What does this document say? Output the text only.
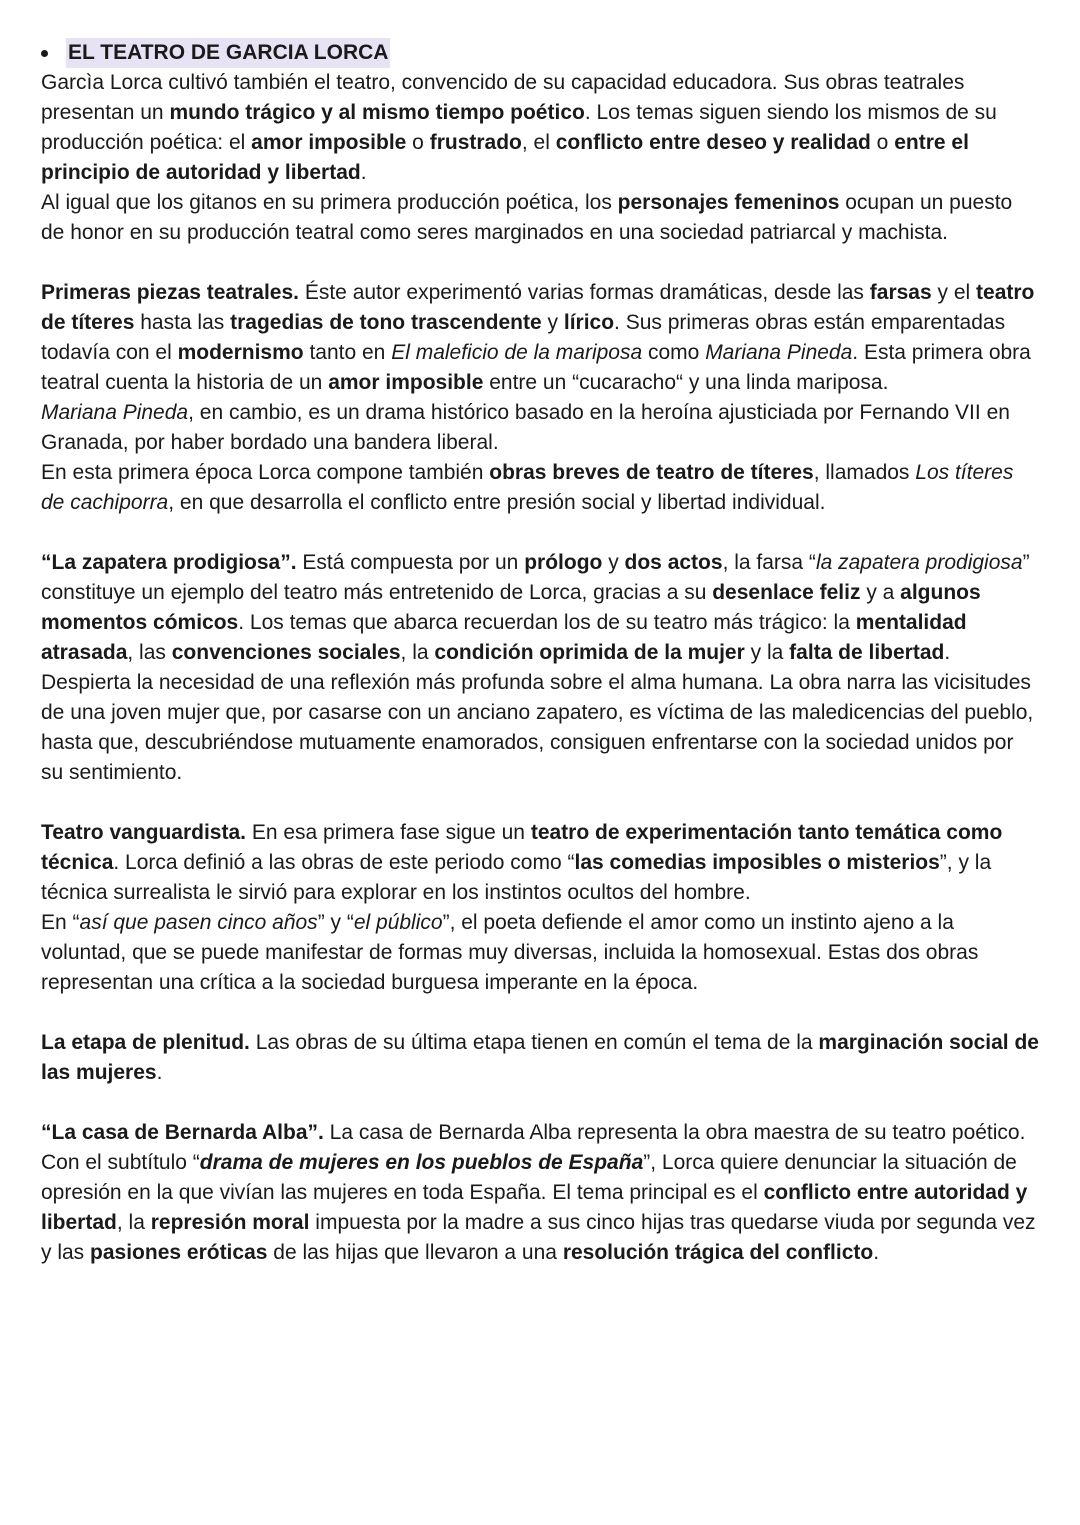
EL TEATRO DE GARCIA LORCA

Garcìa Lorca cultivó también el teatro, convencido de su capacidad educadora. Sus obras teatrales presentan un mundo trágico y al mismo tiempo poético. Los temas siguen siendo los mismos de su producción poética: el amor imposible o frustrado, el conflicto entre deseo y realidad o entre el principio de autoridad y libertad.

Al igual que los gitanos en su primera producción poética, los personajes femeninos ocupan un puesto de honor en su producción teatral como seres marginados en una sociedad patriarcal y machista.

Primeras piezas teatrales. Éste autor experimentó varias formas dramáticas, desde las farsas y el teatro de títeres hasta las tragedias de tono trascendente y lírico. Sus primeras obras están emparentadas todavía con el modernismo tanto en El maleficio de la mariposa como Mariana Pineda. Esta primera obra teatral cuenta la historia de un amor imposible entre un “cucaracho“ y una linda mariposa.

Mariana Pineda, en cambio, es un drama histórico basado en la heroína ajusticiada por Fernando VII en Granada, por haber bordado una bandera liberal.

En esta primera época Lorca compone también obras breves de teatro de títeres, llamados Los títeres de cachiporra, en que desarrolla el conflicto entre presión social y libertad individual.

“La zapatera prodigiosa”. Está compuesta por un prólogo y dos actos, la farsa “la zapatera prodigiosa” constituye un ejemplo del teatro más entretenido de Lorca, gracias a su desenlace feliz y a algunos momentos cómicos. Los temas que abarca recuerdan los de su teatro más trágico: la mentalidad atrasada, las convenciones sociales, la condición oprimida de la mujer y la falta de libertad. Despierta la necesidad de una reflexión más profunda sobre el alma humana. La obra narra las vicisitudes de una joven mujer que, por casarse con un anciano zapatero, es víctima de las maledicencias del pueblo, hasta que, descubriéndose mutuamente enamorados, consiguen enfrentarse con la sociedad unidos por su sentimiento.

Teatro vanguardista. En esa primera fase sigue un teatro de experimentación tanto temática como técnica. Lorca definió a las obras de este periodo como “las comedias imposibles o misterios”, y la técnica surrealista le sirvió para explorar en los instintos ocultos del hombre.

En “así que pasen cinco años” y “el público”, el poeta defiende el amor como un instinto ajeno a la voluntad, que se puede manifestar de formas muy diversas, incluida la homosexual. Estas dos obras representan una crítica a la sociedad burguesa imperante en la época.

La etapa de plenitud. Las obras de su última etapa tienen en común el tema de la marginación social de las mujeres.

“La casa de Bernarda Alba”. La casa de Bernarda Alba representa la obra maestra de su teatro poético. Con el subtítulo “drama de mujeres en los pueblos de España”, Lorca quiere denunciar la situación de opresión en la que vivían las mujeres en toda España. El tema principal es el conflicto entre autoridad y libertad, la represión moral impuesta por la madre a sus cinco hijas tras quedarse viuda por segunda vez y las pasiones eróticas de las hijas que llevaron a una resolución trágica del conflicto.
